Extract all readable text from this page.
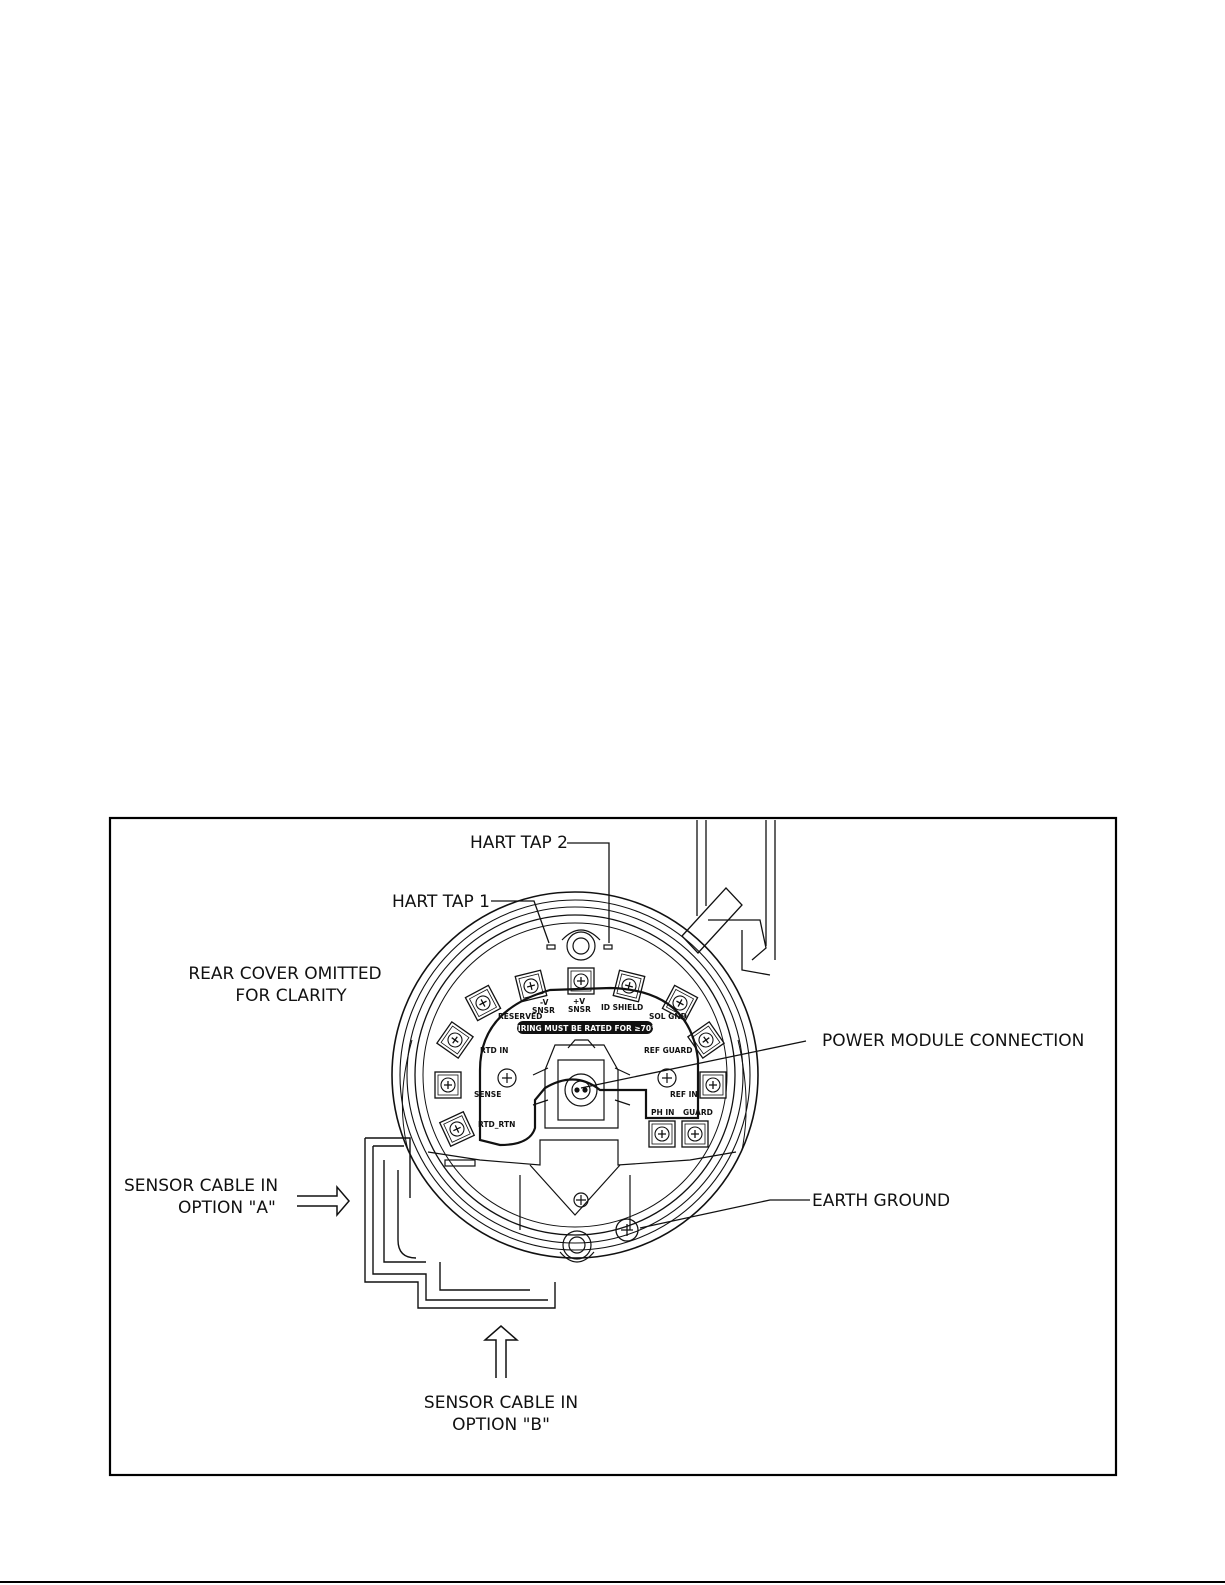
WIRING MUST BE RATED FOR ≥70°C
RESERVED
-V
SNSR
+V
SNSR ID SHIELD
SOL GND
RTD IN	REF GUARD
SENSE	REF IN
RTD_RTN
PH IN GUARD
HART TAP 2
HART TAP 1
REAR COVER OMITTED
FOR CLARITY
POWER MODULE CONNECTION
EARTH GROUND
SENSOR CABLE IN
OPTION "A"
SENSOR CABLE IN
OPTION "B"
